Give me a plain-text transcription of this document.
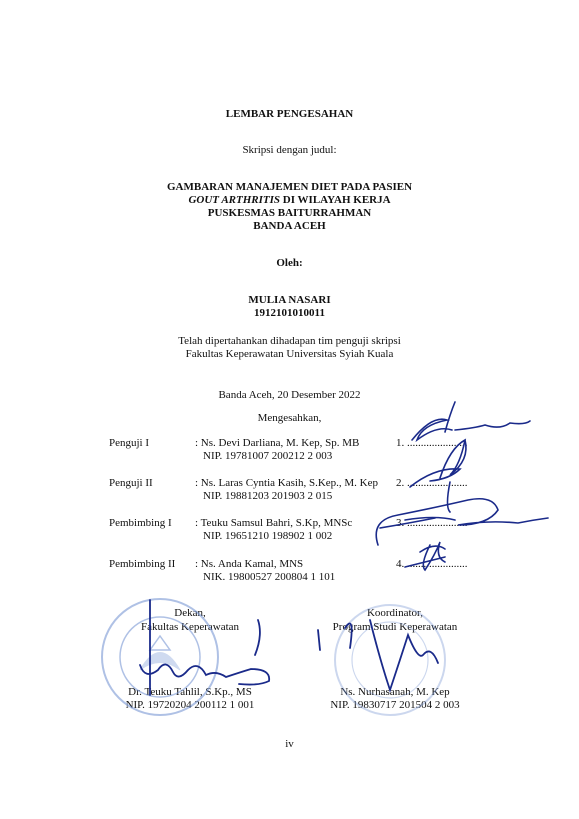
LEMBAR PENGESAHAN
Skripsi dengan judul:
GAMBARAN MANAJEMEN DIET PADA PASIEN
GOUT ARTHRITIS DI WILAYAH KERJA
PUSKESMAS BAITURRAHMAN
BANDA ACEH
Oleh:
MULIA NASARI
1912101010011
Telah dipertahankan dihadapan tim penguji skripsi
Fakultas Keperawatan Universitas Syiah Kuala
Banda Aceh, 20 Desember 2022
Mengesahkan,
Penguji I	: Ns. Devi Darliana, M. Kep, Sp. MB
NIP. 19781007 200212 2 003
1. ......................
Penguji II	: Ns. Laras Cyntia Kasih, S.Kep., M. Kep
NIP. 19881203 201903 2 015
2. ......................
Pembimbing I : Teuku Samsul Bahri, S.Kp, MNSc
NIP. 19651210 198902 1 002
3. ......................
Pembimbing II : Ns. Anda Kamal, MNS
NIK. 19800527 200804 1 101
4. ......................
Dekan,
Fakultas Keperawatan
Dr. Teuku Tahlil, S.Kp., MS
NIP. 19720204 200112 1 001
Koordinator,
Program Studi Keperawatan
Ns. Nurhasanah, M. Kep
NIP. 19830717 201504 2 003
iv
